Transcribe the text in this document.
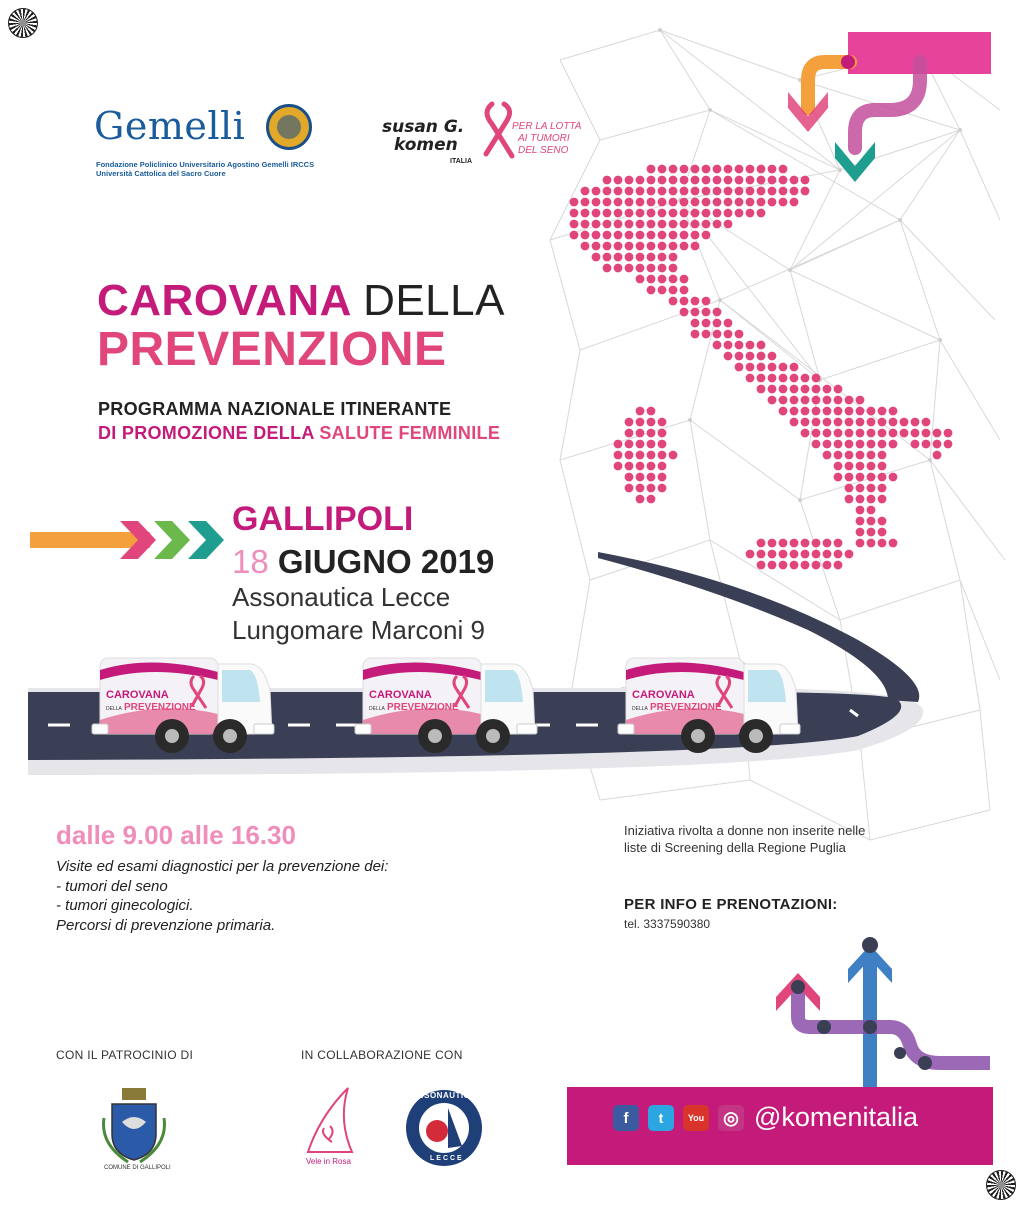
Gemelli
Fondazione Policlinico Universitario Agostino Gemelli IRCCS
Università Cattolica del Sacro Cuore
susan G.
komen
ITALIA
PER LA LOTTA
AI TUMORI
DEL SENO
CAROVANA DELLA
PREVENZIONE
PROGRAMMA NAZIONALE ITINERANTE
DI PROMOZIONE DELLA SALUTE FEMMINILE
GALLIPOLI
18 GIUGNO 2019
Assonautica Lecce
Lungomare Marconi 9
CAROVANA
DELLA PREVENZIONE
CAROVANA
DELLA PREVENZIONE
CAROVANA
DELLA PREVENZIONE
dalle 9.00 alle 16.30
Visite ed esami diagnostici per la prevenzione dei:
- tumori del seno
- tumori ginecologici.
Percorsi di prevenzione primaria.
Iniziativa rivolta a donne non inserite nelle
liste di Screening della Regione Puglia
PER INFO E PRENOTAZIONI:
tel. 3337590380
CON IL PATROCINIO DI	IN COLLABORAZIONE CON
COMUNE DI GALLIPOLI
Vele in Rosa
ASSONAUTICA
LECCE
f	t	You ◎ @komenitalia
